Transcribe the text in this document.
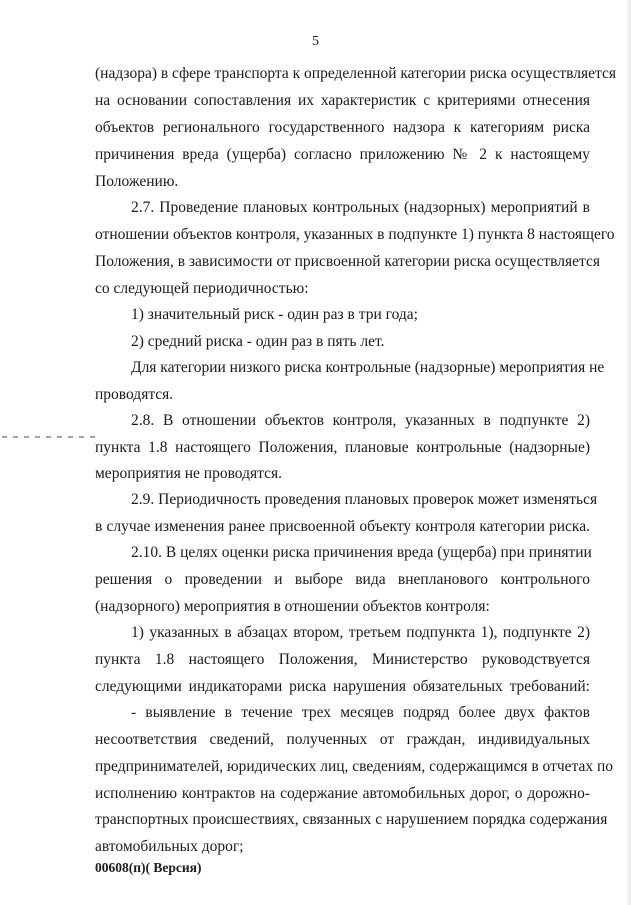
5
(надзора) в сфере транспорта к определенной категории риска осуществляется
на основании сопоставления их характеристик с критериями отнесения
объектов регионального государственного надзора к категориям риска
причинения вреда (ущерба) согласно приложению № 2 к настоящему
Положению.
2.7. Проведение плановых контрольных (надзорных) мероприятий в
отношении объектов контроля, указанных в подпункте 1) пункта 8 настоящего
Положения, в зависимости от присвоенной категории риска осуществляется
со следующей периодичностью:
1) значительный риск - один раз в три года;
2) средний риска - один раз в пять лет.
Для категории низкого риска контрольные (надзорные) мероприятия не
проводятся.
2.8. В отношении объектов контроля, указанных в подпункте 2)
пункта 1.8 настоящего Положения, плановые контрольные (надзорные)
мероприятия не проводятся.
2.9. Периодичность проведения плановых проверок может изменяться
в случае изменения ранее присвоенной объекту контроля категории риска.
2.10. В целях оценки риска причинения вреда (ущерба) при принятии
решения о проведении и выборе вида внепланового контрольного
(надзорного) мероприятия в отношении объектов контроля:
1) указанных в абзацах втором, третьем подпункта 1), подпункте 2)
пункта 1.8 настоящего Положения, Министерство руководствуется
следующими индикаторами риска нарушения обязательных требований:
- выявление в течение трех месяцев подряд более двух фактов
несоответствия сведений, полученных от граждан, индивидуальных
предпринимателей, юридических лиц, сведениям, содержащимся в отчетах по
исполнению контрактов на содержание автомобильных дорог, о дорожно-
транспортных происшествиях, связанных с нарушением порядка содержания
автомобильных дорог;
00608(п)( Версия)
